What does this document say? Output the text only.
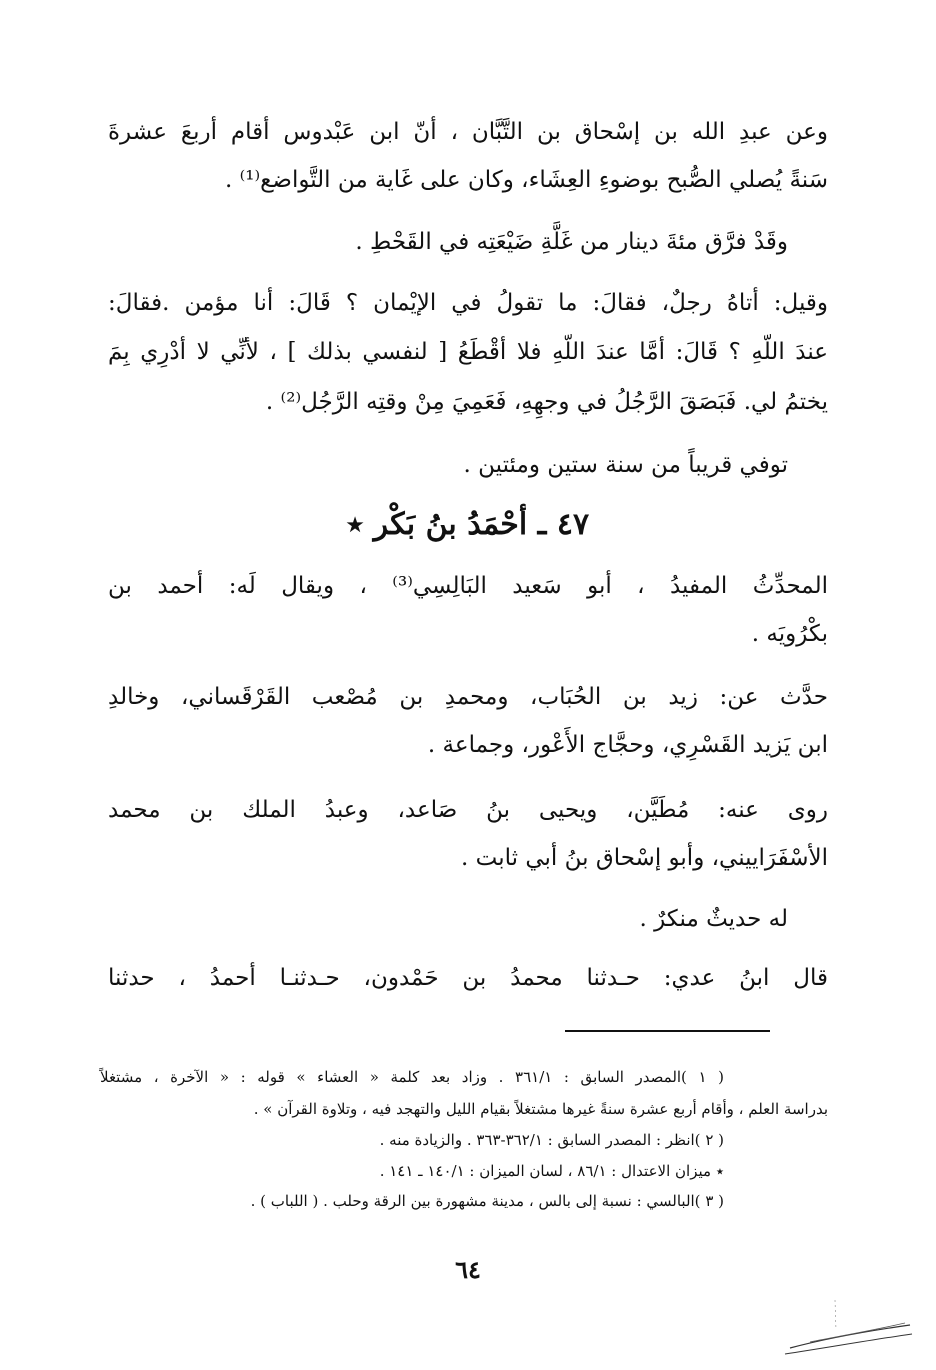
وعن عبدِ الله بن إسْحاق بن التَّبَّان ، أنّ ابن عَبْدوس أقام أربعَ عشرةَ
سَنةً يُصلي الصُّبح بوضوءِ العِشَاء، وكان على غَاية من التَّواضع⁽¹⁾ .
وقَدْ فرَّق مئةَ دينار من غَلَّةِ ضَيْعَتِه في القَحْطِ .
وقيل: أتاهُ رجلٌ، فقالَ: ما تقولُ في الإيْمان ؟ قَالَ: أنا مؤمن .فقالَ:
عندَ اللّهِ ؟ قَالَ: أمَّا عندَ اللّهِ فلا أقْطَعُ [ لنفسي بذلك ] ، لأنِّي لا أدْرِي بِمَ
يختمُ لي. فَبَصَقَ الرَّجُلُ في وجهِهِ، فَعَمِيَ مِنْ وقتِه الرَّجُل⁽²⁾ .
توفي قريباً من سنة ستين ومئتين .
٤٧ ـ أحْمَدُ بنُ بَكْر ٭
المحدِّثُ المفيدُ ، أبو سَعيد البَالِسِي⁽³⁾ ، ويقال لَه: أحمد بن
بكْرُويَه .
حدَّث عن: زيد بن الحُبَاب، ومحمدِ بن مُصْعب القَرْقَساني، وخالدِ
ابن يَزيد القَسْرِي، وحجَّاج الأَعْور، وجماعة .
روى عنه: مُطَيَّن، ويحيى بنُ صَاعد، وعبدُ الملك بن محمد
الأسْفَرَاييني، وأبو إسْحاق بنُ أبي ثابت .
له حديثٌ منكرٌ .
قال ابنُ عدي: حـدثنا محمدُ بن حَمْدون، حـدثنـا أحمدُ ، حدثنا
( ١ )المصدر السابق : ٣٦١/١ . وزاد بعد كلمة « العشاء » قوله : « الآخرة ، مشتغلاً
بدراسة العلم ، وأقام أربع عشرة سنةً غيرها مشتغلاً بقيام الليل والتهجد فيه ، وتلاوة القرآن » .
( ٢ )انظر : المصدر السابق : ٣٦٢/١-٣٦٣ . والزيادة منه .
٭ ميزان الاعتدال : ٨٦/١ ، لسان الميزان : ١٤٠/١ ـ ١٤١ .
( ٣ )البالسي : نسبة إلى بالس ، مدينة مشهورة بين الرقة وحلب . ( اللباب ) .
٦٤
